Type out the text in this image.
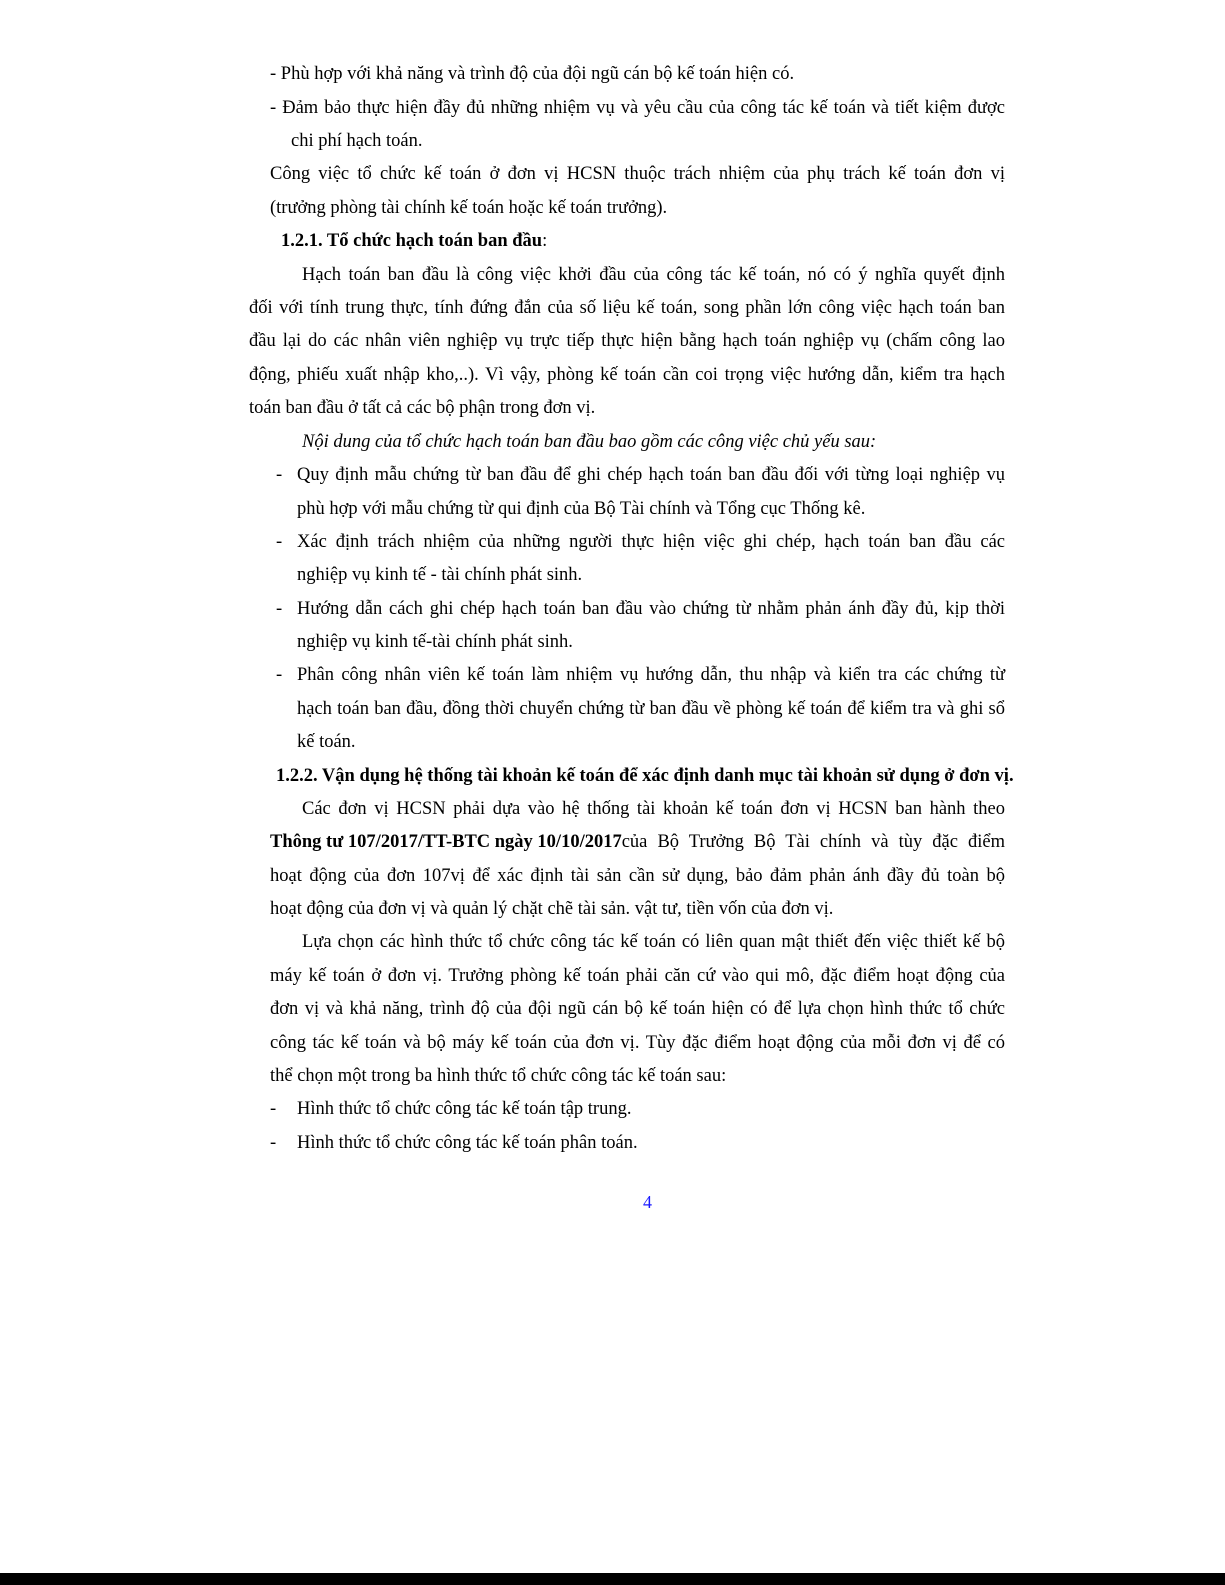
- Phù hợp với khả năng và trình độ của đội ngũ cán bộ kế toán hiện có.
- Đảm bảo thực hiện đầy đủ những nhiệm vụ và yêu cầu của công tác kế toán và tiết kiệm được
chi phí hạch toán.
Công việc tổ chức kế toán ở đơn vị HCSN thuộc trách nhiệm của phụ trách kế toán đơn vị
(trưởng phòng tài chính kế toán hoặc kế toán trưởng).
1.2.1. Tổ chức hạch toán ban đầu:
Hạch toán ban đầu là công việc khởi đầu của công tác kế toán, nó có ý nghĩa quyết định
đối với tính trung thực, tính đứng đắn của số liệu kế toán, song phần lớn công việc hạch toán ban
đầu lại do các nhân viên nghiệp vụ trực tiếp thực hiện bằng hạch toán nghiệp vụ (chấm công lao
động, phiếu xuất nhập kho,..). Vì vậy, phòng kế toán cần coi trọng việc hướng dẫn, kiểm tra hạch
toán ban đầu ở tất cả các bộ phận trong đơn vị.
Nội dung của tổ chức hạch toán ban đầu bao gồm các công việc chủ yếu sau:
- Quy định mẫu chứng từ ban đầu để ghi chép hạch toán ban đầu đối với từng loại nghiệp vụ
phù hợp với mẫu chứng từ qui định của Bộ Tài chính và Tổng cục Thống kê.
- Xác định trách nhiệm của những người thực hiện việc ghi chép, hạch toán ban đầu các
nghiệp vụ kinh tế - tài chính phát sinh.
- Hướng dẫn cách ghi chép hạch toán ban đầu vào chứng từ nhằm phản ánh đầy đủ, kịp thời
nghiệp vụ kinh tế-tài chính phát sinh.
- Phân công nhân viên kế toán làm nhiệm vụ hướng dẫn, thu nhập và kiển tra các chứng từ
hạch toán ban đầu, đồng thời chuyển chứng từ ban đầu về phòng kế toán để kiểm tra và ghi sổ
kế toán.
1.2.2. Vận dụng hệ thống tài khoản kế toán để xác định danh mục tài khoản sử dụng ở đơn vị.
Các đơn vị HCSN phải dựa vào hệ thống tài khoản kế toán đơn vị HCSN ban hành theo
Thông tư 107/2017/TT-BTC ngày 10/10/2017 của Bộ Trưởng Bộ Tài chính và tùy đặc điểm
hoạt động của đơn 107vị để xác định tài sản cần sử dụng, bảo đảm phản ánh đầy đủ toàn bộ
hoạt động của đơn vị và quản lý chặt chẽ tài sản. vật tư, tiền vốn của đơn vị.
Lựa chọn các hình thức tổ chức công tác kế toán có liên quan mật thiết đến việc thiết kế bộ
máy kế toán ở đơn vị. Trưởng phòng kế toán phải căn cứ vào qui mô, đặc điểm hoạt động của
đơn vị và khả năng, trình độ của đội ngũ cán bộ kế toán hiện có để lựa chọn hình thức tổ chức
công tác kế toán và bộ máy kế toán của đơn vị. Tùy đặc điểm hoạt động của mỗi đơn vị để có
thể chọn một trong ba hình thức tổ chức công tác kế toán sau:
- Hình thức tổ chức công tác kế toán tập trung.
- Hình thức tổ chức công tác kế toán phân toán.
4
